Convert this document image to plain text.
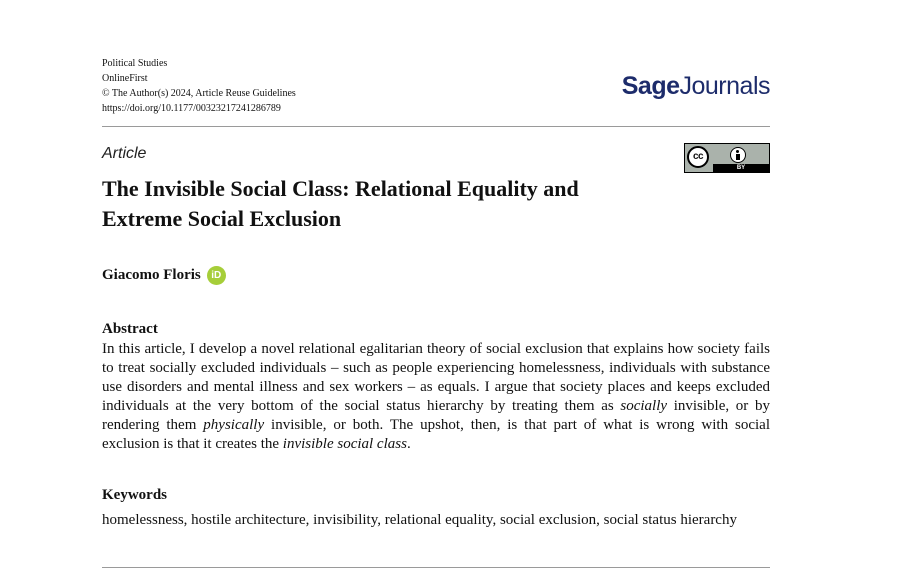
Political Studies
OnlineFirst
© The Author(s) 2024, Article Reuse Guidelines
https://doi.org/10.1177/00323217241286789
SageJournals
Article	cc
BY
The Invisible Social Class: Relational Equality and Extreme Social Exclusion
Giacomo Floris	iD
Abstract

In this article, I develop a novel relational egalitarian theory of social exclusion that explains how society fails to treat socially excluded individuals – such as people experiencing homelessness, individuals with substance use disorders and mental illness and sex workers – as equals. I argue that society places and keeps excluded individuals at the very bottom of the social status hierarchy by treating them as socially invisible, or by rendering them physically invisible, or both. The upshot, then, is that part of what is wrong with social exclusion is that it creates the invisible social class.

Keywords

homelessness, hostile architecture, invisibility, relational equality, social exclusion, social status hierarchy
